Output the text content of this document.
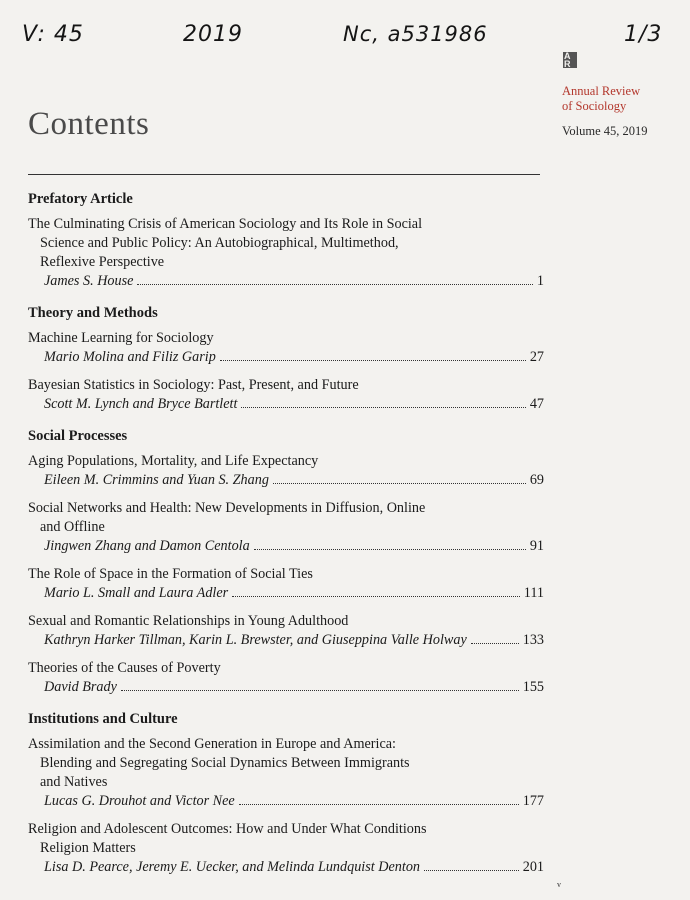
V: 45	2019	Nc, a531986	1/3
A
R
Annual Review
of Sociology
Volume 45, 2019
Contents
Prefatory Article
The Culminating Crisis of American Sociology and Its Role in Social
Science and Public Policy: An Autobiographical, Multimethod,
Reflexive Perspective
James S. House	1
Theory and Methods
Machine Learning for Sociology
Mario Molina and Filiz Garip	27
Bayesian Statistics in Sociology: Past, Present, and Future
Scott M. Lynch and Bryce Bartlett	47
Social Processes
Aging Populations, Mortality, and Life Expectancy
Eileen M. Crimmins and Yuan S. Zhang	69
Social Networks and Health: New Developments in Diffusion, Online
and Offline
Jingwen Zhang and Damon Centola	91
The Role of Space in the Formation of Social Ties
Mario L. Small and Laura Adler	111
Sexual and Romantic Relationships in Young Adulthood
Kathryn Harker Tillman, Karin L. Brewster, and Giuseppina Valle Holway	133
Theories of the Causes of Poverty
David Brady	155
Institutions and Culture
Assimilation and the Second Generation in Europe and America:
Blending and Segregating Social Dynamics Between Immigrants
and Natives
Lucas G. Drouhot and Victor Nee	177
Religion and Adolescent Outcomes: How and Under What Conditions
Religion Matters
Lisa D. Pearce, Jeremy E. Uecker, and Melinda Lundquist Denton	201
v
